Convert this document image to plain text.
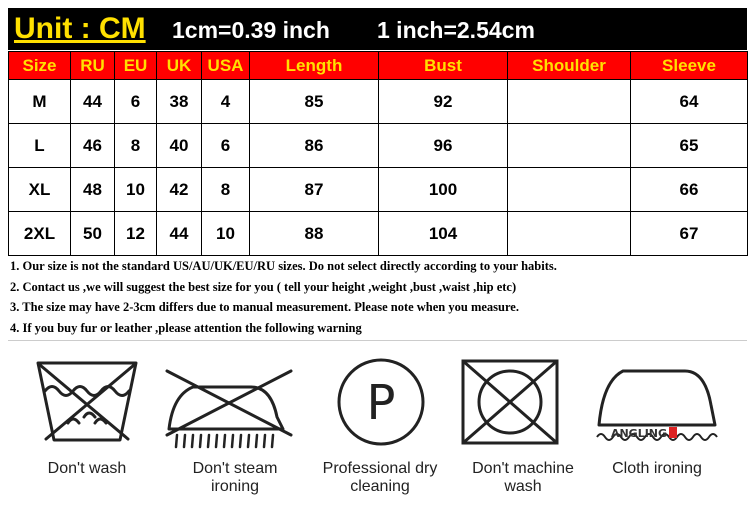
Unit : CM 1cm=0.39 inch 1 inch=2.54cm
Size	RU	EU	UK	USA	Length	Bust	Shoulder	Sleeve
M	44	6	38	4	85	92		64
L	46	8	40	6	86	96		65
XL	48	10	42	8	87	100		66
2XL	50	12	44	10	88	104		67
1. Our size is not the standard US/AU/UK/EU/RU sizes. Do not select directly according to your habits.
2. Contact us ,we will suggest the best size for you ( tell your height ,weight ,bust ,waist ,hip etc)
3. The size may have 2-3cm differs due to manual measurement. Please note when you measure.
4. If you buy fur or leather ,please attention the following warning
Don't wash	Don't steam
ironing
P
Professional dry
cleaning
Don't machine
wash
ANGLING
Cloth ironing
